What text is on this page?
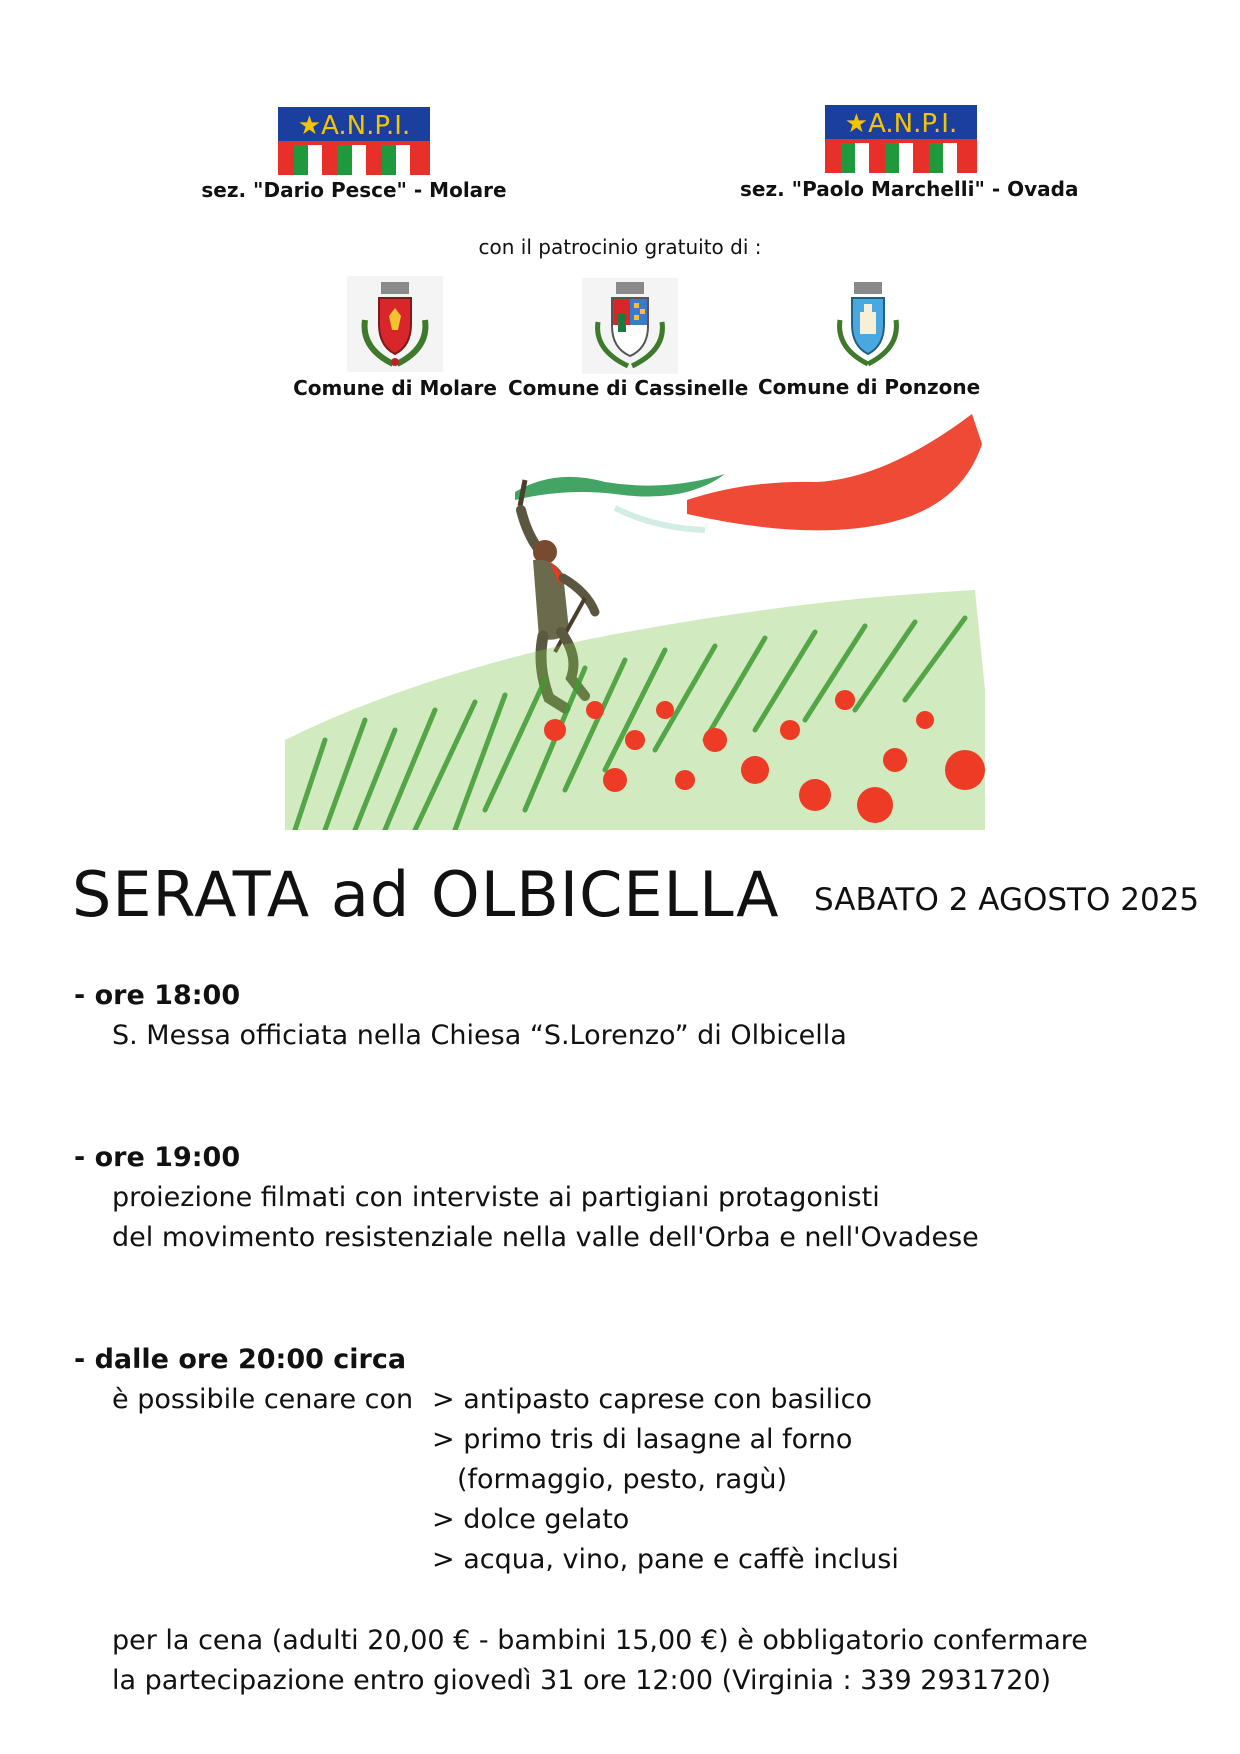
★A.N.P.I.
sez. "Dario Pesce" - Molare
★A.N.P.I.
sez. "Paolo Marchelli" - Ovada
con il patrocinio gratuito di :
Comune di Molare Comune di Cassinelle Comune di Ponzone
SERATA ad OLBICELLA SABATO 2 AGOSTO 2025
- ore 18:00
S. Messa officiata nella Chiesa “S.Lorenzo” di Olbicella
- ore 19:00
proiezione filmati con interviste ai partigiani protagonisti
del movimento resistenziale nella valle dell'Orba e nell'Ovadese
- dalle ore 20:00 circa
è possibile cenare con > antipasto caprese con basilico
> primo tris di lasagne al forno
(formaggio, pesto, ragù)
> dolce gelato
> acqua, vino, pane e caffè inclusi
per la cena (adulti 20,00 € - bambini 15,00 €) è obbligatorio confermare
la partecipazione entro giovedì 31 ore 12:00 (Virginia : 339 2931720)
